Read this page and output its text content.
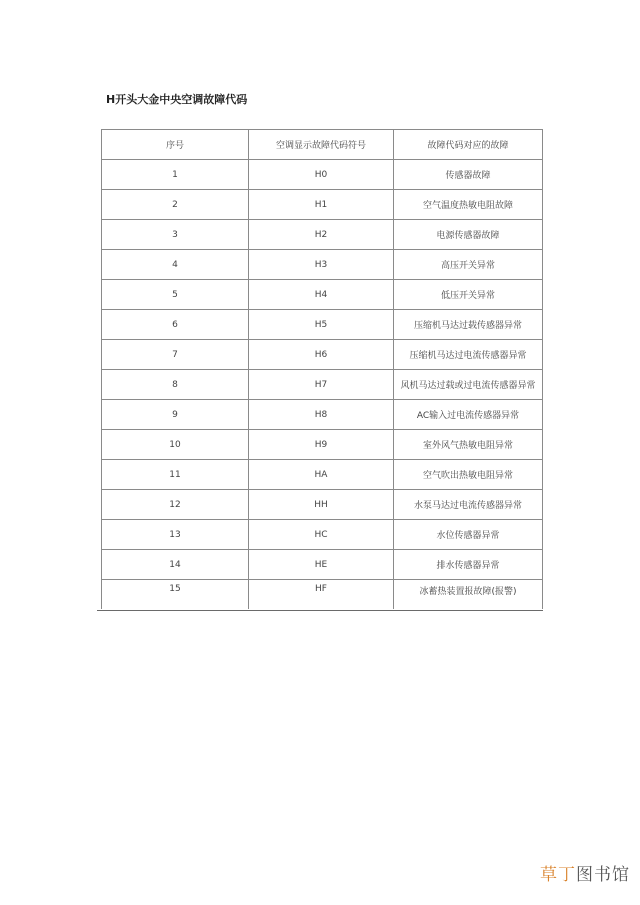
H开头大金中央空调故障代码
序号	空调显示故障代码符号	故障代码对应的故障
1	H0	传感器故障
2	H1	空气温度热敏电阻故障
3	H2	电源传感器故障
4	H3	高压开关异常
5	H4	低压开关异常
6	H5	压缩机马达过载传感器异常
7	H6	压缩机马达过电流传感器异常
8	H7	风机马达过载或过电流传感器异常
9	H8	AC输入过电流传感器异常
10	H9	室外风气热敏电阻异常
11	HA	空气吹出热敏电阻异常
12	HH	水泵马达过电流传感器异常
13	HC	水位传感器异常
14	HE	排水传感器异常
15	HF	冰蓄热装置报故障(报警)
草丁图书馆
